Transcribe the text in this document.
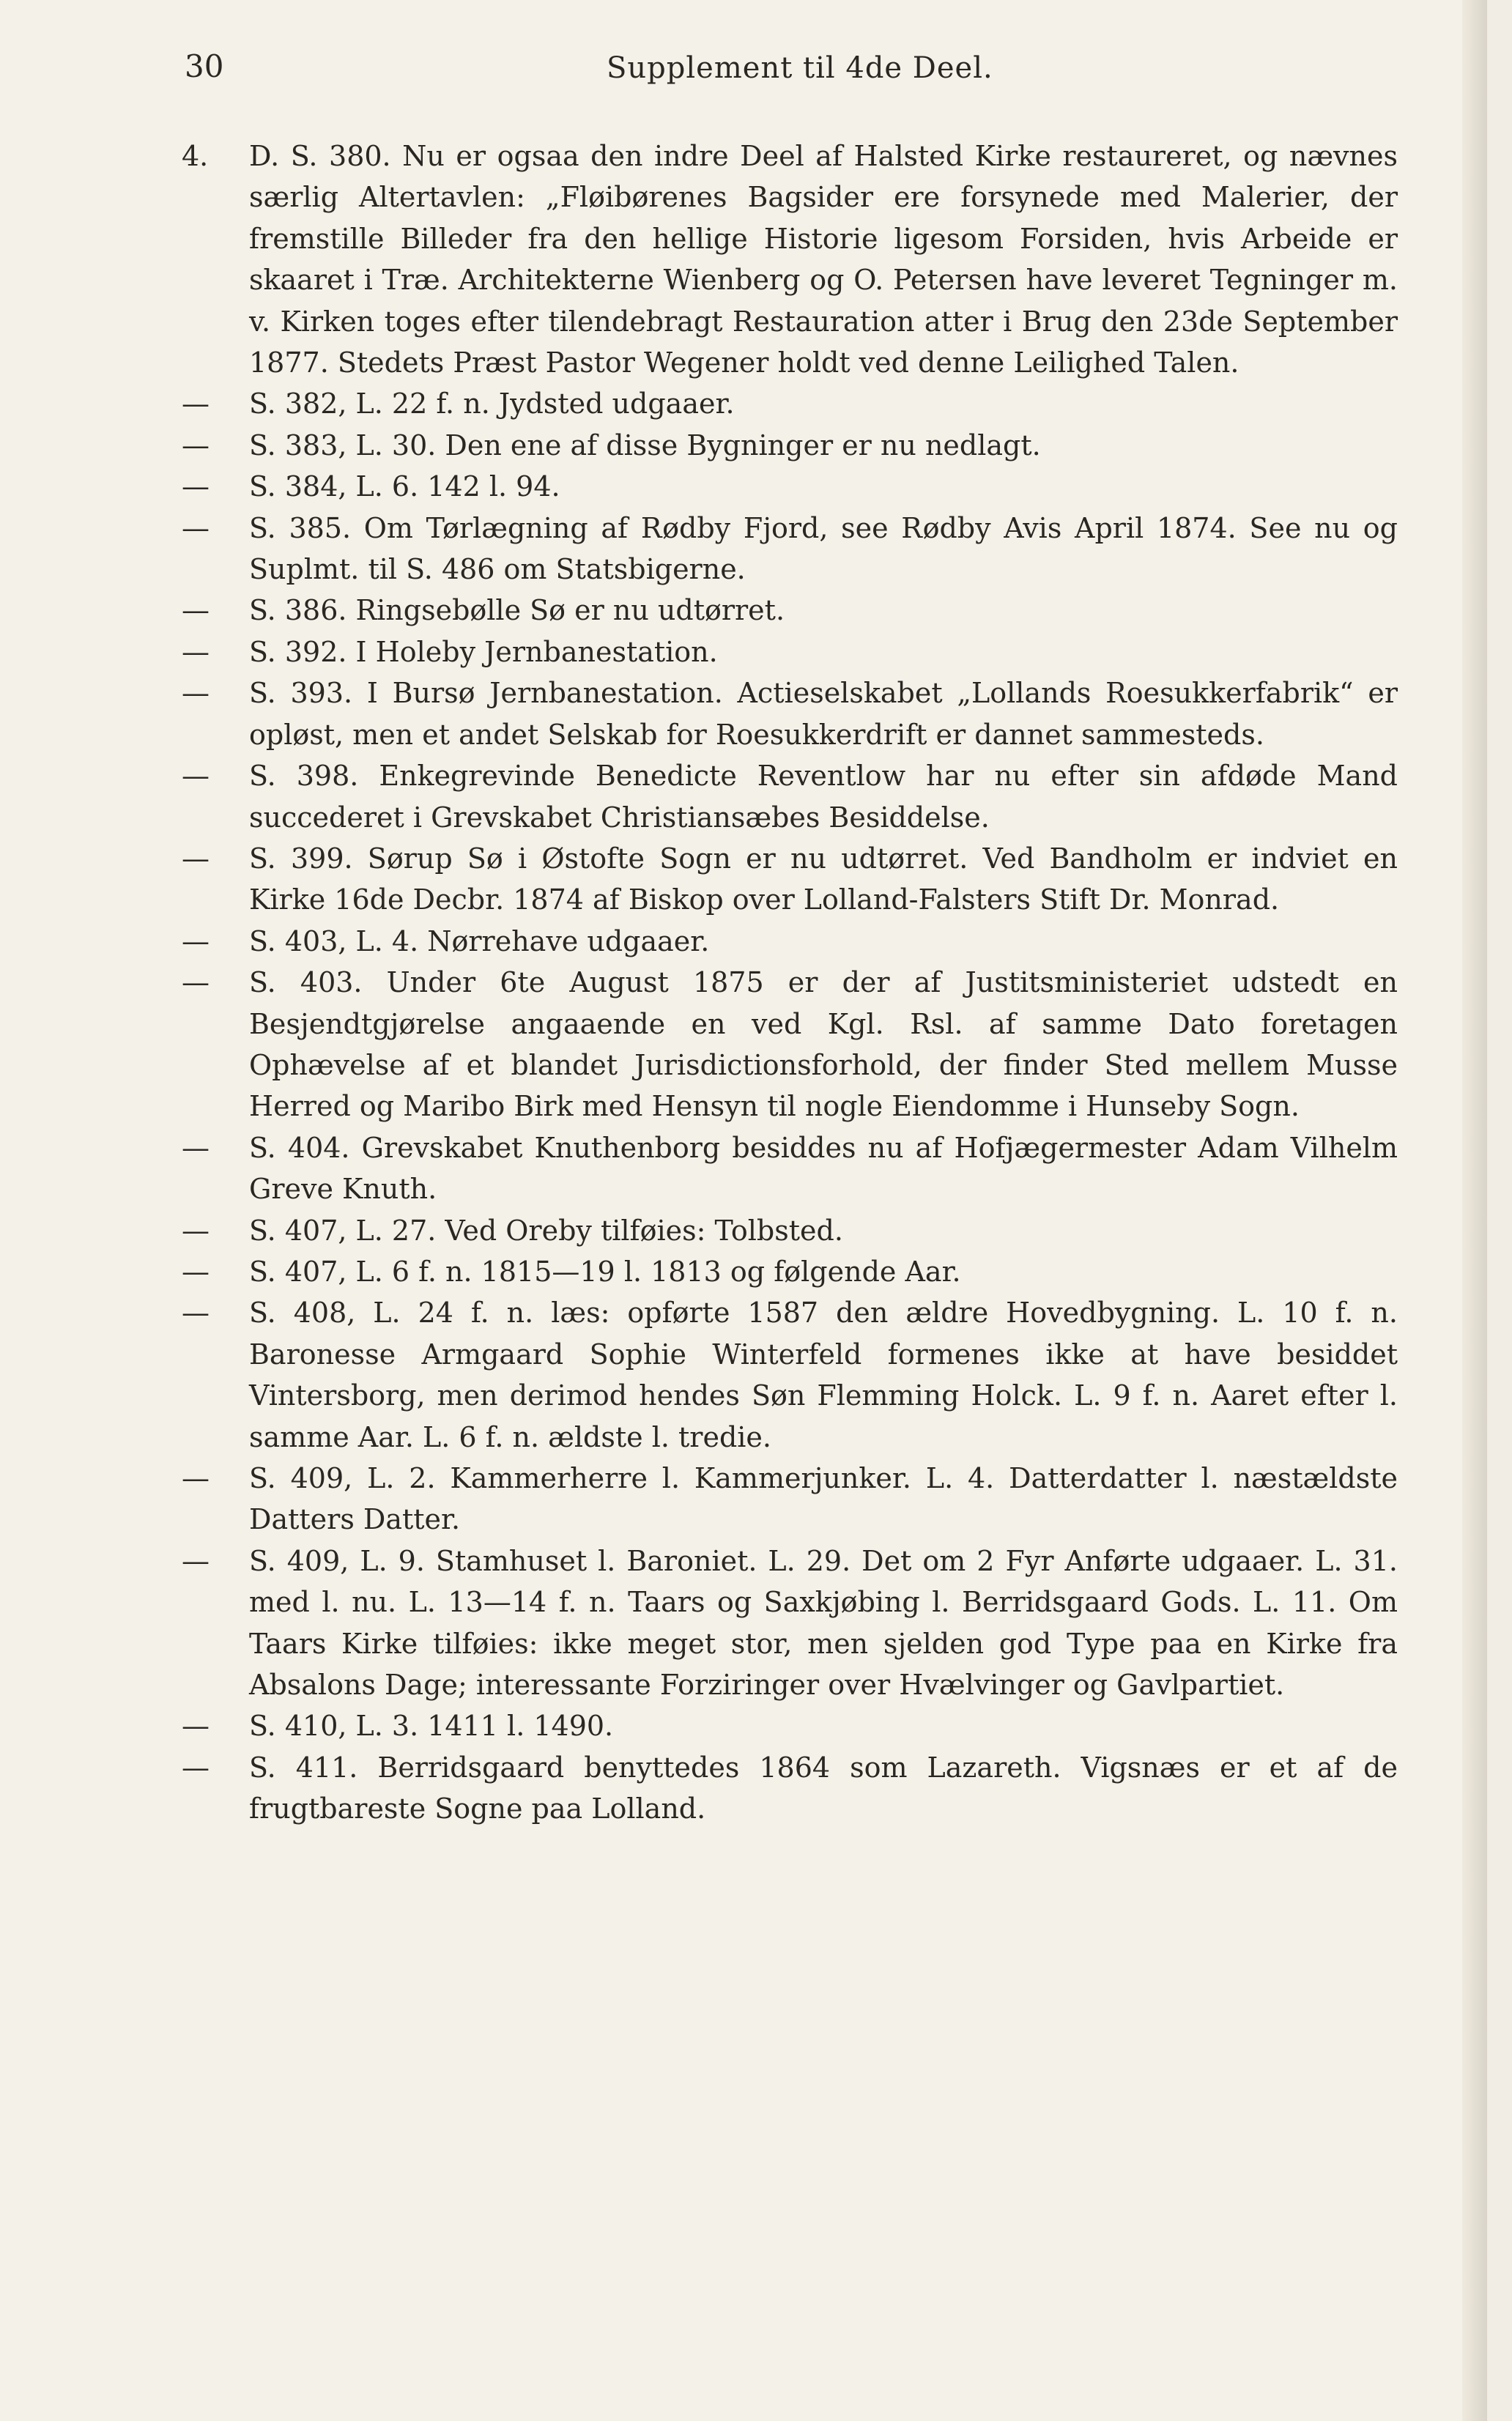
30	Supplement til 4de Deel.

4.	D. S. 380. Nu er ogsaa den indre Deel af Halsted Kirke restaureret, og nævnes særlig Altertavlen: „Fløibørenes Bagsider ere forsynede med Malerier, der fremstille Billeder fra den hellige Historie ligesom Forsiden, hvis Arbeide er skaaret i Træ. Architekterne Wienberg og O. Petersen have leveret Tegninger m. v. Kirken toges efter tilendebragt Restauration atter i Brug den 23de September 1877. Stedets Præst Pastor Wegener holdt ved denne Leilighed Talen.

—	S. 382, L. 22 f. n. Jydsted udgaaer.

—	S. 383, L. 30. Den ene af disse Bygninger er nu nedlagt.

—	S. 384, L. 6. 142 l. 94.

—	S. 385. Om Tørlægning af Rødby Fjord, see Rødby Avis April 1874. See nu og Suplmt. til S. 486 om Statsbigerne.

—	S. 386. Ringsebølle Sø er nu udtørret.

—	S. 392. I Holeby Jernbanestation.

—	S. 393. I Bursø Jernbanestation. Actieselskabet „Lollands Roesukkerfabrik“ er opløst, men et andet Selskab for Roesukkerdrift er dannet sammesteds.

—	S. 398. Enkegrevinde Benedicte Reventlow har nu efter sin afdøde Mand succederet i Grevskabet Christiansæbes Besiddelse.

—	S. 399. Sørup Sø i Østofte Sogn er nu udtørret. Ved Bandholm er indviet en Kirke 16de Decbr. 1874 af Biskop over Lolland-Falsters Stift Dr. Monrad.

—	S. 403, L. 4. Nørrehave udgaaer.

—	S. 403. Under 6te August 1875 er der af Justitsministeriet udstedt en Besjendtgjørelse angaaende en ved Kgl. Rsl. af samme Dato foretagen Ophævelse af et blandet Jurisdictionsforhold, der finder Sted mellem Musse Herred og Maribo Birk med Hensyn til nogle Eiendomme i Hunseby Sogn.

—	S. 404. Grevskabet Knuthenborg besiddes nu af Hofjægermester Adam Vilhelm Greve Knuth.

—	S. 407, L. 27. Ved Oreby tilføies: Tolbsted.

—	S. 407, L. 6 f. n. 1815—19 l. 1813 og følgende Aar.

—	S. 408, L. 24 f. n. læs: opførte 1587 den ældre Hovedbygning. L. 10 f. n. Baronesse Armgaard Sophie Winterfeld formenes ikke at have besiddet Vintersborg, men derimod hendes Søn Flemming Holck. L. 9 f. n. Aaret efter l. samme Aar. L. 6 f. n. ældste l. tredie.

—	S. 409, L. 2. Kammerherre l. Kammerjunker. L. 4. Datterdatter l. næstældste Datters Datter.

—	S. 409, L. 9. Stamhuset l. Baroniet. L. 29. Det om 2 Fyr Anførte udgaaer. L. 31. med l. nu. L. 13—14 f. n. Taars og Saxkjøbing l. Berridsgaard Gods. L. 11. Om Taars Kirke tilføies: ikke meget stor, men sjelden god Type paa en Kirke fra Absalons Dage; interessante Forziringer over Hvælvinger og Gavlpartiet.

—	S. 410, L. 3. 1411 l. 1490.

—	S. 411. Berridsgaard benyttedes 1864 som Lazareth. Vigsnæs er et af de frugtbareste Sogne paa Lolland.
